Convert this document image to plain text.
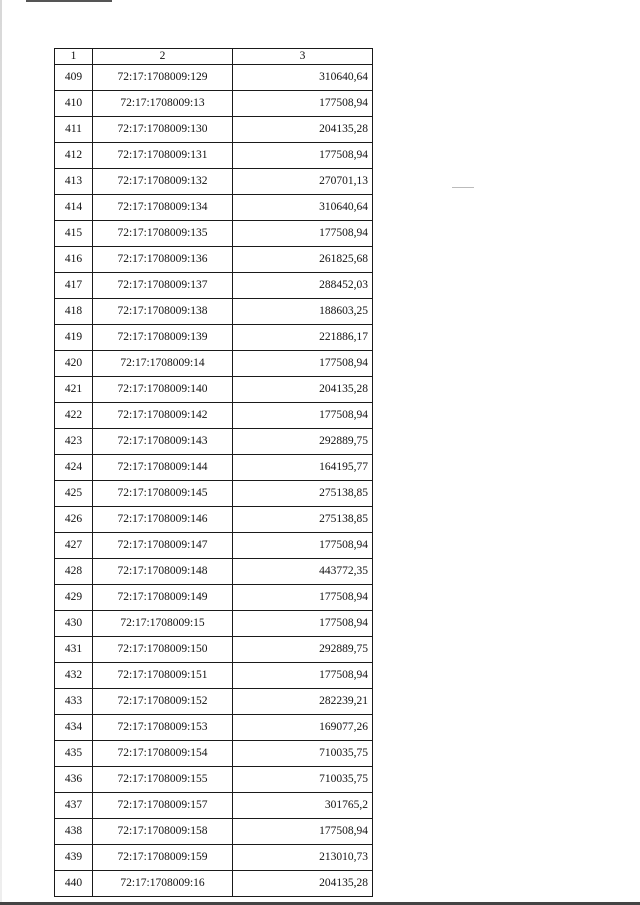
1	2	3
409	72:17:1708009:129	310640,64
410	72:17:1708009:13	177508,94
411	72:17:1708009:130	204135,28
412	72:17:1708009:131	177508,94
413	72:17:1708009:132	270701,13
414	72:17:1708009:134	310640,64
415	72:17:1708009:135	177508,94
416	72:17:1708009:136	261825,68
417	72:17:1708009:137	288452,03
418	72:17:1708009:138	188603,25
419	72:17:1708009:139	221886,17
420	72:17:1708009:14	177508,94
421	72:17:1708009:140	204135,28
422	72:17:1708009:142	177508,94
423	72:17:1708009:143	292889,75
424	72:17:1708009:144	164195,77
425	72:17:1708009:145	275138,85
426	72:17:1708009:146	275138,85
427	72:17:1708009:147	177508,94
428	72:17:1708009:148	443772,35
429	72:17:1708009:149	177508,94
430	72:17:1708009:15	177508,94
431	72:17:1708009:150	292889,75
432	72:17:1708009:151	177508,94
433	72:17:1708009:152	282239,21
434	72:17:1708009:153	169077,26
435	72:17:1708009:154	710035,75
436	72:17:1708009:155	710035,75
437	72:17:1708009:157	301765,2
438	72:17:1708009:158	177508,94
439	72:17:1708009:159	213010,73
440	72:17:1708009:16	204135,28
